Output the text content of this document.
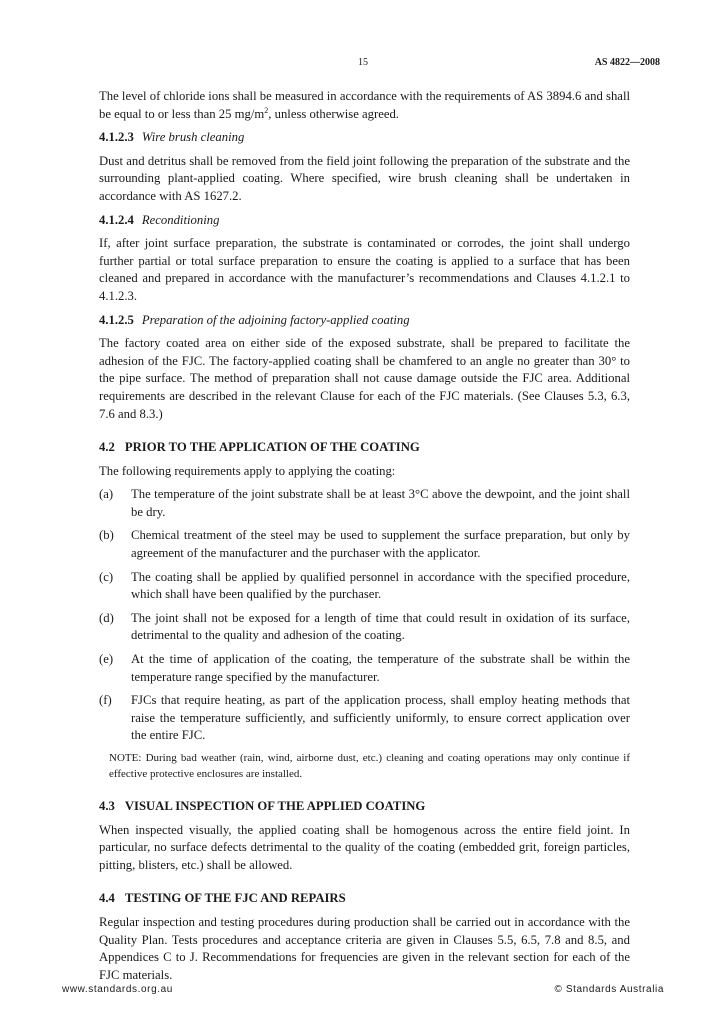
15	AS 4822—2008

The level of chloride ions shall be measured in accordance with the requirements of AS 3894.6 and shall be equal to or less than 25 $mg/m^2$, unless otherwise agreed.

4.1.2.3 Wire brush cleaning

Dust and detritus shall be removed from the field joint following the preparation of the substrate and the surrounding plant-applied coating. Where specified, wire brush cleaning shall be undertaken in accordance with AS 1627.2.

4.1.2.4 Reconditioning

If, after joint surface preparation, the substrate is contaminated or corrodes, the joint shall undergo further partial or total surface preparation to ensure the coating is applied to a surface that has been cleaned and prepared in accordance with the manufacturer’s recommendations and Clauses 4.1.2.1 to 4.1.2.3.

4.1.2.5 Preparation of the adjoining factory-applied coating

The factory coated area on either side of the exposed substrate, shall be prepared to facilitate the adhesion of the FJC. The factory-applied coating shall be chamfered to an angle no greater than 30° to the pipe surface. The method of preparation shall not cause damage outside the FJC area. Additional requirements are described in the relevant Clause for each of the FJC materials. (See Clauses 5.3, 6.3, 7.6 and 8.3.)

4.2 PRIOR TO THE APPLICATION OF THE COATING

The following requirements apply to applying the coating:

(a)	The temperature of the joint substrate shall be at least 3°C above the dewpoint, and the joint shall be dry.
(b)	Chemical treatment of the steel may be used to supplement the surface preparation, but only by agreement of the manufacturer and the purchaser with the applicator.
(c)	The coating shall be applied by qualified personnel in accordance with the specified procedure, which shall have been qualified by the purchaser.
(d)	The joint shall not be exposed for a length of time that could result in oxidation of its surface, detrimental to the quality and adhesion of the coating.
(e)	At the time of application of the coating, the temperature of the substrate shall be within the temperature range specified by the manufacturer.
(f)	FJCs that require heating, as part of the application process, shall employ heating methods that raise the temperature sufficiently, and sufficiently uniformly, to ensure correct application over the entire FJC.

NOTE: During bad weather (rain, wind, airborne dust, etc.) cleaning and coating operations may only continue if effective protective enclosures are installed.

4.3 VISUAL INSPECTION OF THE APPLIED COATING

When inspected visually, the applied coating shall be homogenous across the entire field joint. In particular, no surface defects detrimental to the quality of the coating (embedded grit, foreign particles, pitting, blisters, etc.) shall be allowed.

4.4 TESTING OF THE FJC AND REPAIRS

Regular inspection and testing procedures during production shall be carried out in accordance with the Quality Plan. Tests procedures and acceptance criteria are given in Clauses 5.5, 6.5, 7.8 and 8.5, and Appendices C to J. Recommendations for frequencies are given in the relevant section for each of the FJC materials.

www.standards.org.au	© Standards Australia
